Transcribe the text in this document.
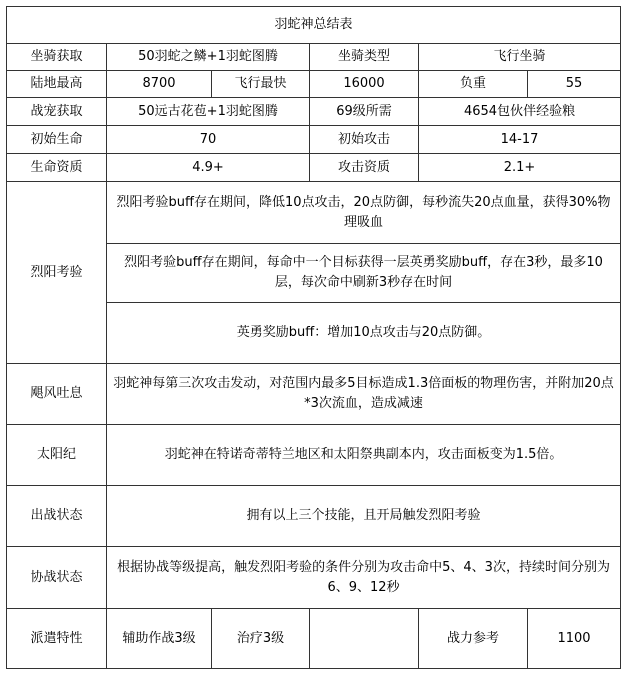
羽蛇神总结表					
坐骑获取	50羽蛇之鳞+1羽蛇图腾		坐骑类型	飞行坐骑	
陆地最高	8700	飞行最快	16000	负重	55
战宠获取	50远古花苞+1羽蛇图腾		69级所需	4654包伙伴经验粮	
初始生命	70		初始攻击	14-17	
生命资质	4.9+		攻击资质	2.1+	
烈阳考验	烈阳考验buff存在期间，降低10点攻击，20点防御，每秒流失20点血量，获得30%物理吸血				
	烈阳考验buff存在期间，每命中一个目标获得一层英勇奖励buff，存在3秒，最多10层，每次命中刷新3秒存在时间				
	英勇奖励buff：增加10点攻击与20点防御。				
飓风吐息	羽蛇神每第三次攻击发动，对范围内最多5目标造成1.3倍面板的物理伤害，并附加20点*3次流血，造成减速				
太阳纪	羽蛇神在特诺奇蒂特兰地区和太阳祭典副本内，攻击面板变为1.5倍。				
出战状态	拥有以上三个技能，且开局触发烈阳考验				
协战状态	根据协战等级提高，触发烈阳考验的条件分别为攻击命中5、4、3次，持续时间分别为6、9、12秒				
派遣特性	辅助作战3级	治疗3级		战力参考	1100
